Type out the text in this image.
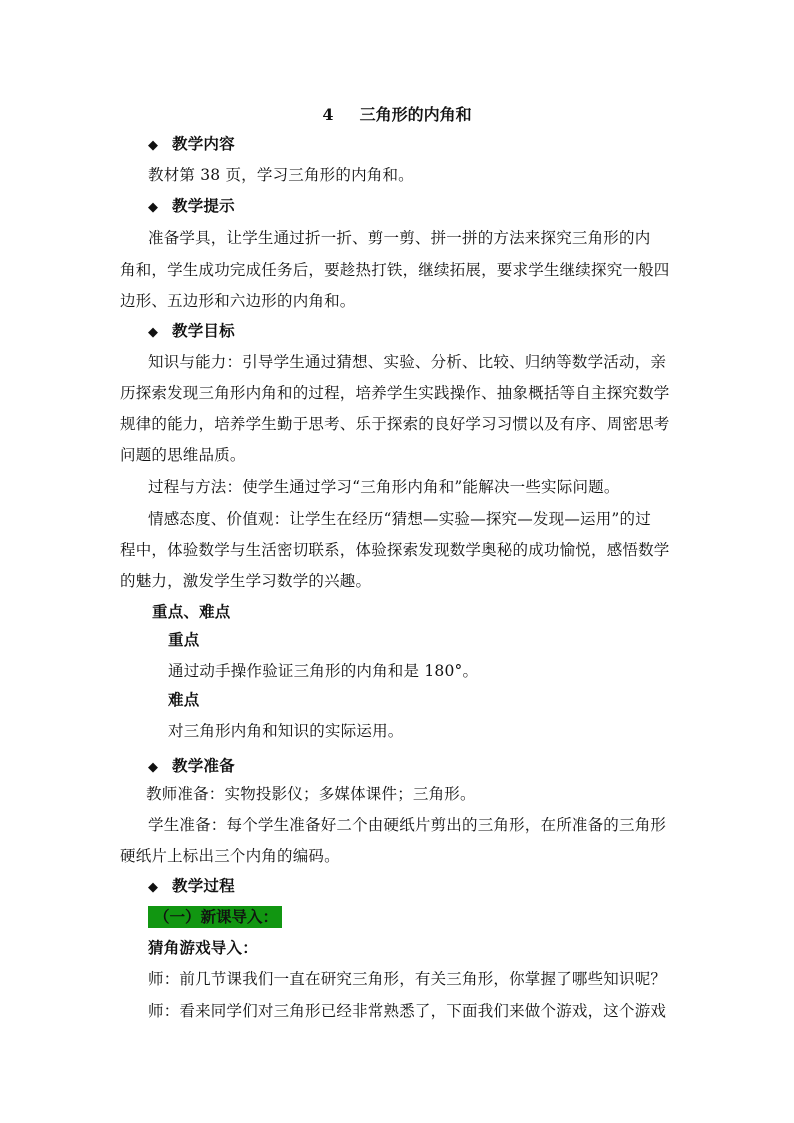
4 三角形的内角和
◆ 教学内容
教材第 38 页，学习三角形的内角和。
◆ 教学提示
准备学具，让学生通过折一折、剪一剪、拼一拼的方法来探究三角形的内
角和，学生成功完成任务后，要趁热打铁，继续拓展，要求学生继续探究一般四
边形、五边形和六边形的内角和。
◆ 教学目标
知识与能力：引导学生通过猜想、实验、分析、比较、归纳等数学活动，亲
历探索发现三角形内角和的过程，培养学生实践操作、抽象概括等自主探究数学
规律的能力，培养学生勤于思考、乐于探索的良好学习习惯以及有序、周密思考
问题的思维品质。
过程与方法：使学生通过学习“三角形内角和”能解决一些实际问题。
情感态度、价值观：让学生在经历“猜想—实验—探究—发现—运用”的过
程中，体验数学与生活密切联系，体验探索发现数学奥秘的成功愉悦，感悟数学
的魅力，激发学生学习数学的兴趣。
重点、难点
重点
通过动手操作验证三角形的内角和是 180°。
难点
对三角形内角和知识的实际运用。
◆ 教学准备
教师准备：实物投影仪；多媒体课件；三角形。
学生准备：每个学生准备好二个由硬纸片剪出的三角形，在所准备的三角形
硬纸片上标出三个内角的编码。
◆ 教学过程
（一）新课导入：
猜角游戏导入：
师：前几节课我们一直在研究三角形，有关三角形，你掌握了哪些知识呢？
师：看来同学们对三角形已经非常熟悉了，下面我们来做个游戏，这个游戏
